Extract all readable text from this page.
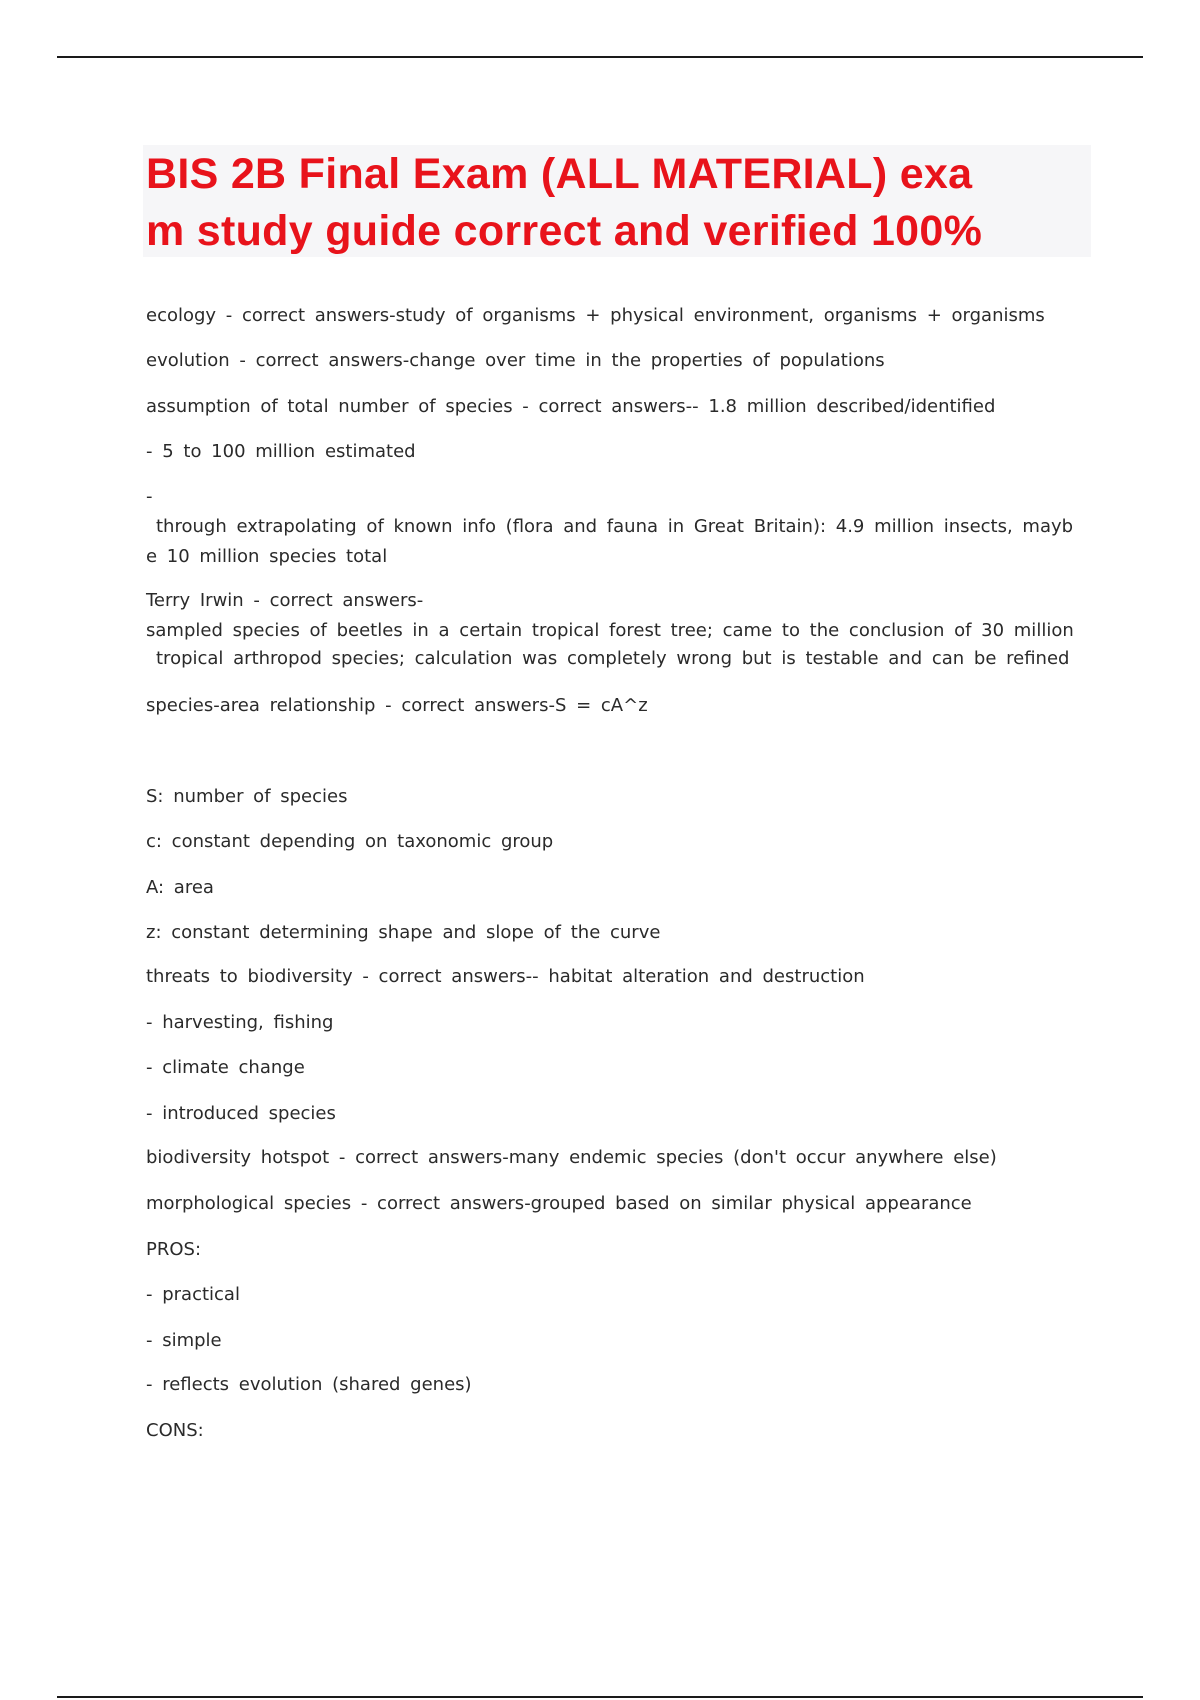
BIS 2B Final Exam (ALL MATERIAL) exa
m study guide correct and verified 100%
ecology - correct answers-study of organisms + physical environment, organisms + organisms
evolution - correct answers-change over time in the properties of populations
assumption of total number of species - correct answers-- 1.8 million described/identified
- 5 to 100 million estimated
-
through extrapolating of known info (flora and fauna in Great Britain): 4.9 million insects, mayb
e 10 million species total
Terry Irwin - correct answers-
sampled species of beetles in a certain tropical forest tree; came to the conclusion of 30 million
tropical arthropod species; calculation was completely wrong but is testable and can be refined
species-area relationship - correct answers-S = cA^z
S: number of species
c: constant depending on taxonomic group
A: area
z: constant determining shape and slope of the curve
threats to biodiversity - correct answers-- habitat alteration and destruction
- harvesting, fishing
- climate change
- introduced species
biodiversity hotspot - correct answers-many endemic species (don't occur anywhere else)
morphological species - correct answers-grouped based on similar physical appearance
PROS:
- practical
- simple
- reflects evolution (shared genes)
CONS:
